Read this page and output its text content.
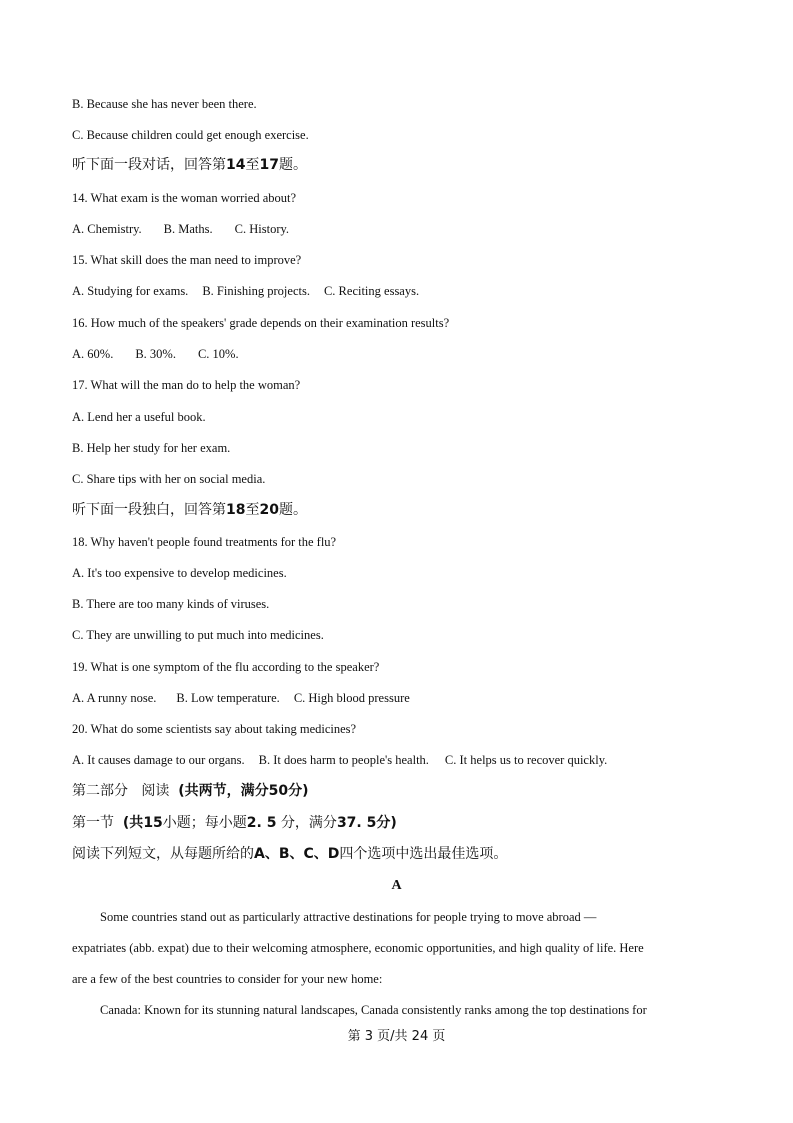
B. Because she has never been there.
C. Because children could get enough exercise.
听下面一段对话，回答第14至17题。
14. What exam is the woman worried about?
A. Chemistry. B. Maths. C. History.
15. What skill does the man need to improve?
A. Studying for exams. B. Finishing projects. C. Reciting essays.
16. How much of the speakers' grade depends on their examination results?
A. 60%. B. 30%. C. 10%.
17. What will the man do to help the woman?
A. Lend her a useful book.
B. Help her study for her exam.
C. Share tips with her on social media.
听下面一段独白，回答第18至20题。
18. Why haven't people found treatments for the flu?
A. It's too expensive to develop medicines.
B. There are too many kinds of viruses.
C. They are unwilling to put much into medicines.
19. What is one symptom of the flu according to the speaker?
A. A runny nose. B. Low temperature. C. High blood pressure
20. What do some scientists say about taking medicines?
A. It causes damage to our organs. B. It does harm to people's health. C. It helps us to recover quickly.
第二部分 阅读 (共两节，满分50分)
第一节 (共15小题；每小题2. 5 分，满分37. 5分)
阅读下列短文，从每题所给的A、B、C、D四个选项中选出最佳选项。
A
Some countries stand out as particularly attractive destinations for people trying to move abroad —
expatriates (abb. expat) due to their welcoming atmosphere, economic opportunities, and high quality of life. Here
are a few of the best countries to consider for your new home:
Canada: Known for its stunning natural landscapes, Canada consistently ranks among the top destinations for
第 3 页/共 24 页
